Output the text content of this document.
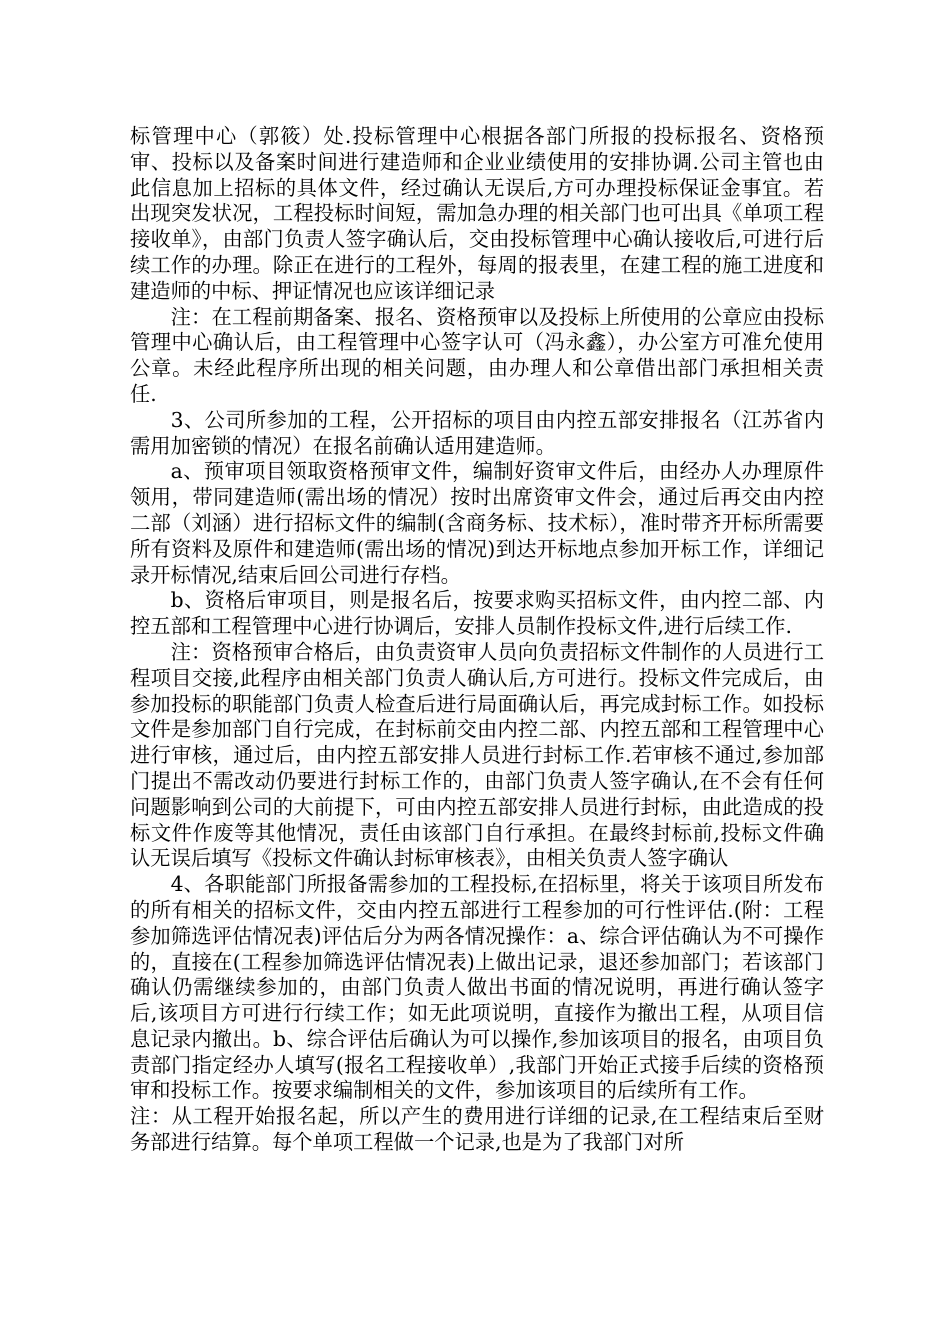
标管理中心（郭筱）处.投标管理中心根据各部门所报的投标报名、资格预审、投标以及备案时间进行建造师和企业业绩使用的安排协调.公司主管也由此信息加上招标的具体文件，经过确认无误后,方可办理投标保证金事宜。若出现突发状况，工程投标时间短，需加急办理的相关部门也可出具《单项工程接收单》，由部门负责人签字确认后，交由投标管理中心确认接收后,可进行后续工作的办理。除正在进行的工程外，每周的报表里，在建工程的施工进度和建造师的中标、押证情况也应该详细记录

注：在工程前期备案、报名、资格预审以及投标上所使用的公章应由投标管理中心确认后，由工程管理中心签字认可（冯永鑫），办公室方可准允使用公章。未经此程序所出现的相关问题，由办理人和公章借出部门承担相关责任.

3、公司所参加的工程，公开招标的项目由内控五部安排报名（江苏省内需用加密锁的情况）在报名前确认适用建造师。

a、预审项目领取资格预审文件，编制好资审文件后，由经办人办理原件领用，带同建造师(需出场的情况）按时出席资审文件会，通过后再交由内控二部（刘涵）进行招标文件的编制(含商务标、技术标），准时带齐开标所需要所有资料及原件和建造师(需出场的情况)到达开标地点参加开标工作，详细记录开标情况,结束后回公司进行存档。

b、资格后审项目，则是报名后，按要求购买招标文件，由内控二部、内控五部和工程管理中心进行协调后，安排人员制作投标文件,进行后续工作.

注：资格预审合格后，由负责资审人员向负责招标文件制作的人员进行工程项目交接,此程序由相关部门负责人确认后,方可进行。投标文件完成后，由参加投标的职能部门负责人检查后进行局面确认后，再完成封标工作。如投标文件是参加部门自行完成，在封标前交由内控二部、内控五部和工程管理中心进行审核，通过后，由内控五部安排人员进行封标工作.若审核不通过,参加部门提出不需改动仍要进行封标工作的，由部门负责人签字确认,在不会有任何问题影响到公司的大前提下，可由内控五部安排人员进行封标，由此造成的投标文件作废等其他情况，责任由该部门自行承担。在最终封标前,投标文件确认无误后填写《投标文件确认封标审核表》，由相关负责人签字确认

4、各职能部门所报备需参加的工程投标,在招标里，将关于该项目所发布的所有相关的招标文件，交由内控五部进行工程参加的可行性评估.(附：工程参加筛选评估情况表)评估后分为两各情况操作：a、综合评估确认为不可操作的，直接在(工程参加筛选评估情况表)上做出记录，退还参加部门；若该部门确认仍需继续参加的，由部门负责人做出书面的情况说明，再进行确认签字后,该项目方可进行行续工作；如无此项说明，直接作为撤出工程，从项目信息记录内撤出。b、综合评估后确认为可以操作,参加该项目的报名，由项目负责部门指定经办人填写(报名工程接收单）,我部门开始正式接手后续的资格预审和投标工作。按要求编制相关的文件，参加该项目的后续所有工作。

注：从工程开始报名起，所以产生的费用进行详细的记录,在工程结束后至财务部进行结算。每个单项工程做一个记录,也是为了我部门对所
